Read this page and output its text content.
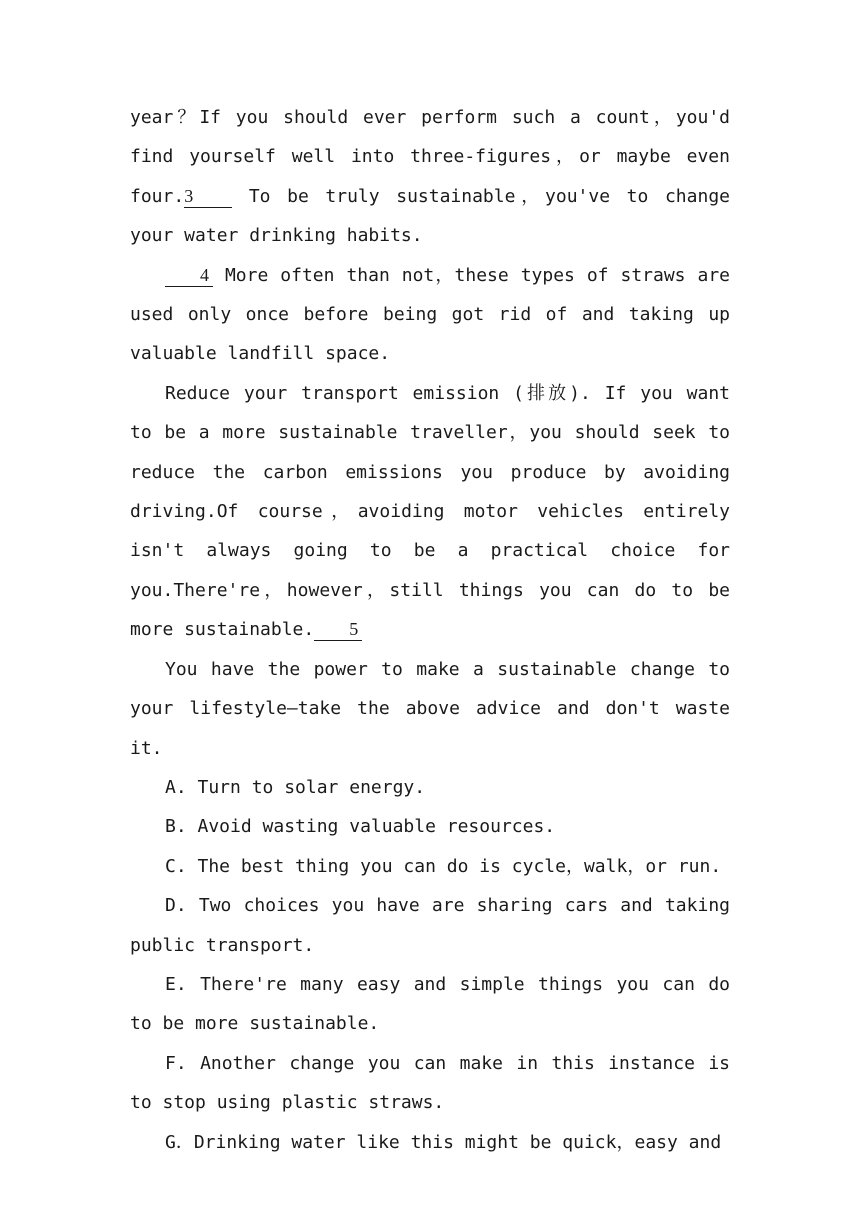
year？If you should ever perform such a count，you'd find yourself well into three-figures，or maybe even four.3 To be truly sustainable，you've to change your water drinking habits.

4 More often than not，these types of straws are used only once before being got rid of and taking up valuable landfill space.

Reduce your transport emission (排放). If you want to be a more sustainable traveller，you should seek to reduce the carbon emissions you produce by avoiding driving.Of course，avoiding motor vehicles entirely isn't always going to be a practical choice for you.There're，however，still things you can do to be more sustainable. 5

You have the power to make a sustainable change to your lifestyle—take the above advice and don't waste it.

A. Turn to solar energy.

B. Avoid wasting valuable resources.

C. The best thing you can do is cycle，walk，or run.

D. Two choices you have are sharing cars and taking public transport.

E. There're many easy and simple things you can do to be more sustainable.

F. Another change you can make in this instance is to stop using plastic straws.

G．Drinking water like this might be quick，easy and
